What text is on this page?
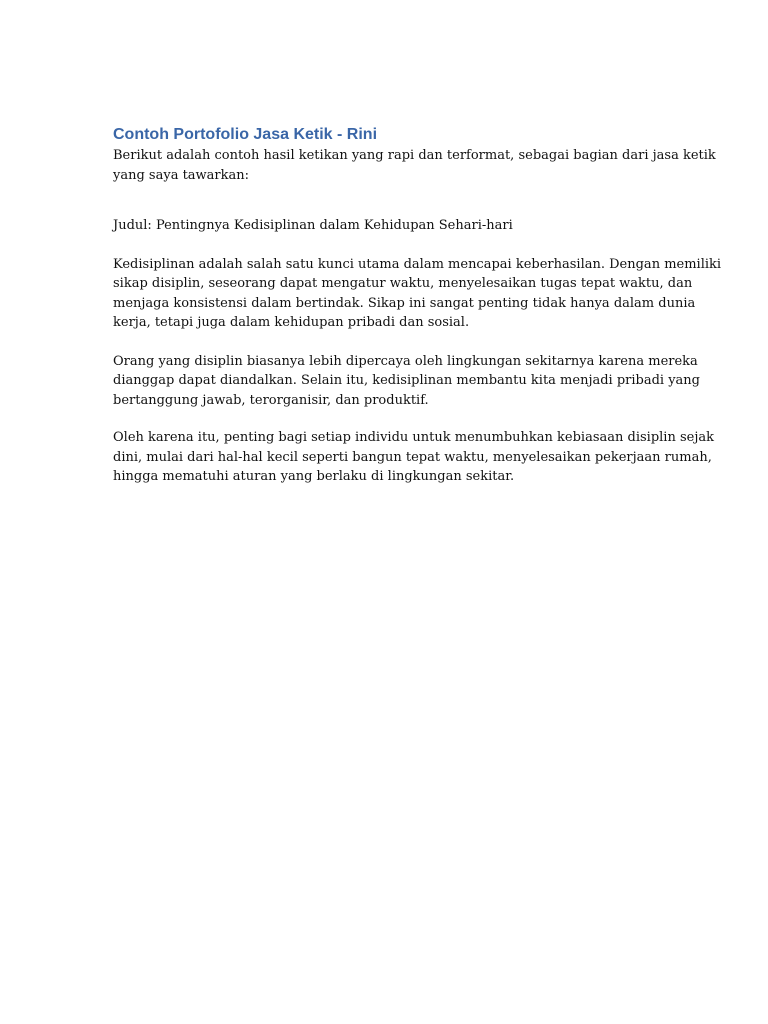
Contoh Portofolio Jasa Ketik - Rini

Berikut adalah contoh hasil ketikan yang rapi dan terformat, sebagai bagian dari jasa ketik
yang saya tawarkan:

Judul: Pentingnya Kedisiplinan dalam Kehidupan Sehari-hari

Kedisiplinan adalah salah satu kunci utama dalam mencapai keberhasilan. Dengan memiliki
sikap disiplin, seseorang dapat mengatur waktu, menyelesaikan tugas tepat waktu, dan
menjaga konsistensi dalam bertindak. Sikap ini sangat penting tidak hanya dalam dunia
kerja, tetapi juga dalam kehidupan pribadi dan sosial.

Orang yang disiplin biasanya lebih dipercaya oleh lingkungan sekitarnya karena mereka
dianggap dapat diandalkan. Selain itu, kedisiplinan membantu kita menjadi pribadi yang
bertanggung jawab, terorganisir, dan produktif.

Oleh karena itu, penting bagi setiap individu untuk menumbuhkan kebiasaan disiplin sejak
dini, mulai dari hal-hal kecil seperti bangun tepat waktu, menyelesaikan pekerjaan rumah,
hingga mematuhi aturan yang berlaku di lingkungan sekitar.
